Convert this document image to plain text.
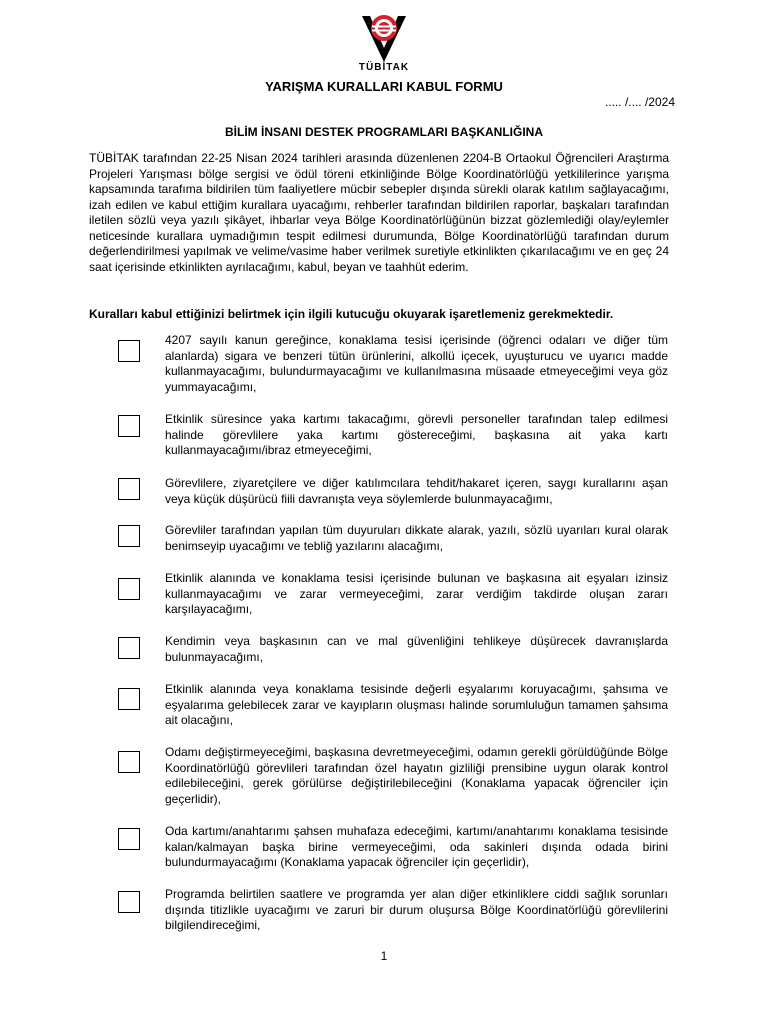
TÜBİTAK
YARIŞMA KURALLARI KABUL FORMU
..... /.... /2024
BİLİM İNSANI DESTEK PROGRAMLARI BAŞKANLIĞINA

TÜBİTAK tarafından 22-25 Nisan 2024 tarihleri arasında düzenlenen 2204-B Ortaokul Öğrencileri Araştırma Projeleri Yarışması bölge sergisi ve ödül töreni etkinliğinde Bölge Koordinatörlüğü yetkililerince yarışma kapsamında tarafıma bildirilen tüm faaliyetlere mücbir sebepler dışında sürekli olarak katılım sağlayacağımı, izah edilen ve kabul ettiğim kurallara uyacağımı, rehberler tarafından bildirilen raporlar, başkaları tarafından iletilen sözlü veya yazılı şikâyet, ihbarlar veya Bölge Koordinatörlüğünün bizzat gözlemlediği olay/eylemler neticesinde kurallara uymadığımın tespit edilmesi durumunda, Bölge Koordinatörlüğü tarafından durum değerlendirilmesi yapılmak ve velime/vasime haber verilmek suretiyle etkinlikten çıkarılacağımı ve en geç 24 saat içerisinde etkinlikten ayrılacağımı, kabul, beyan ve taahhüt ederim.

Kuralları kabul ettiğinizi belirtmek için ilgili kutucuğu okuyarak işaretlemeniz gerekmektedir.

4207 sayılı kanun gereğince, konaklama tesisi içerisinde (öğrenci odaları ve diğer tüm alanlarda) sigara ve benzeri tütün ürünlerini, alkollü içecek, uyuşturucu ve uyarıcı madde kullanmayacağımı, bulundurmayacağımı ve kullanılmasına müsaade etmeyeceğimi veya göz yummayacağımı,

Etkinlik süresince yaka kartımı takacağımı, görevli personeller tarafından talep edilmesi halinde görevlilere yaka kartımı göstereceğimi, başkasına ait yaka kartı kullanmayacağımı/ibraz etmeyeceğimi,

Görevlilere, ziyaretçilere ve diğer katılımcılara tehdit/hakaret içeren, saygı kurallarını aşan veya küçük düşürücü fiili davranışta veya söylemlerde bulunmayacağımı,

Görevliler tarafından yapılan tüm duyuruları dikkate alarak, yazılı, sözlü uyarıları kural olarak benimseyip uyacağımı ve tebliğ yazılarını alacağımı,

Etkinlik alanında ve konaklama tesisi içerisinde bulunan ve başkasına ait eşyaları izinsiz kullanmayacağımı ve zarar vermeyeceğimi, zarar verdiğim takdirde oluşan zararı karşılayacağımı,

Kendimin veya başkasının can ve mal güvenliğini tehlikeye düşürecek davranışlarda bulunmayacağımı,

Etkinlik alanında veya konaklama tesisinde değerli eşyalarımı koruyacağımı, şahsıma ve eşyalarıma gelebilecek zarar ve kayıpların oluşması halinde sorumluluğun tamamen şahsıma ait olacağını,

Odamı değiştirmeyeceğimi, başkasına devretmeyeceğimi, odamın gerekli görüldüğünde Bölge Koordinatörlüğü görevlileri tarafından özel hayatın gizliliği prensibine uygun olarak kontrol edilebileceğini, gerek görülürse değiştirilebileceğini (Konaklama yapacak öğrenciler için geçerlidir),

Oda kartımı/anahtarımı şahsen muhafaza edeceğimi, kartımı/anahtarımı konaklama tesisinde kalan/kalmayan başka birine vermeyeceğimi, oda sakinleri dışında odada birini bulundurmayacağımı (Konaklama yapacak öğrenciler için geçerlidir),

Programda belirtilen saatlere ve programda yer alan diğer etkinliklere ciddi sağlık sorunları dışında titizlikle uyacağımı ve zaruri bir durum oluşursa Bölge Koordinatörlüğü görevlilerini bilgilendireceğimi,

1
